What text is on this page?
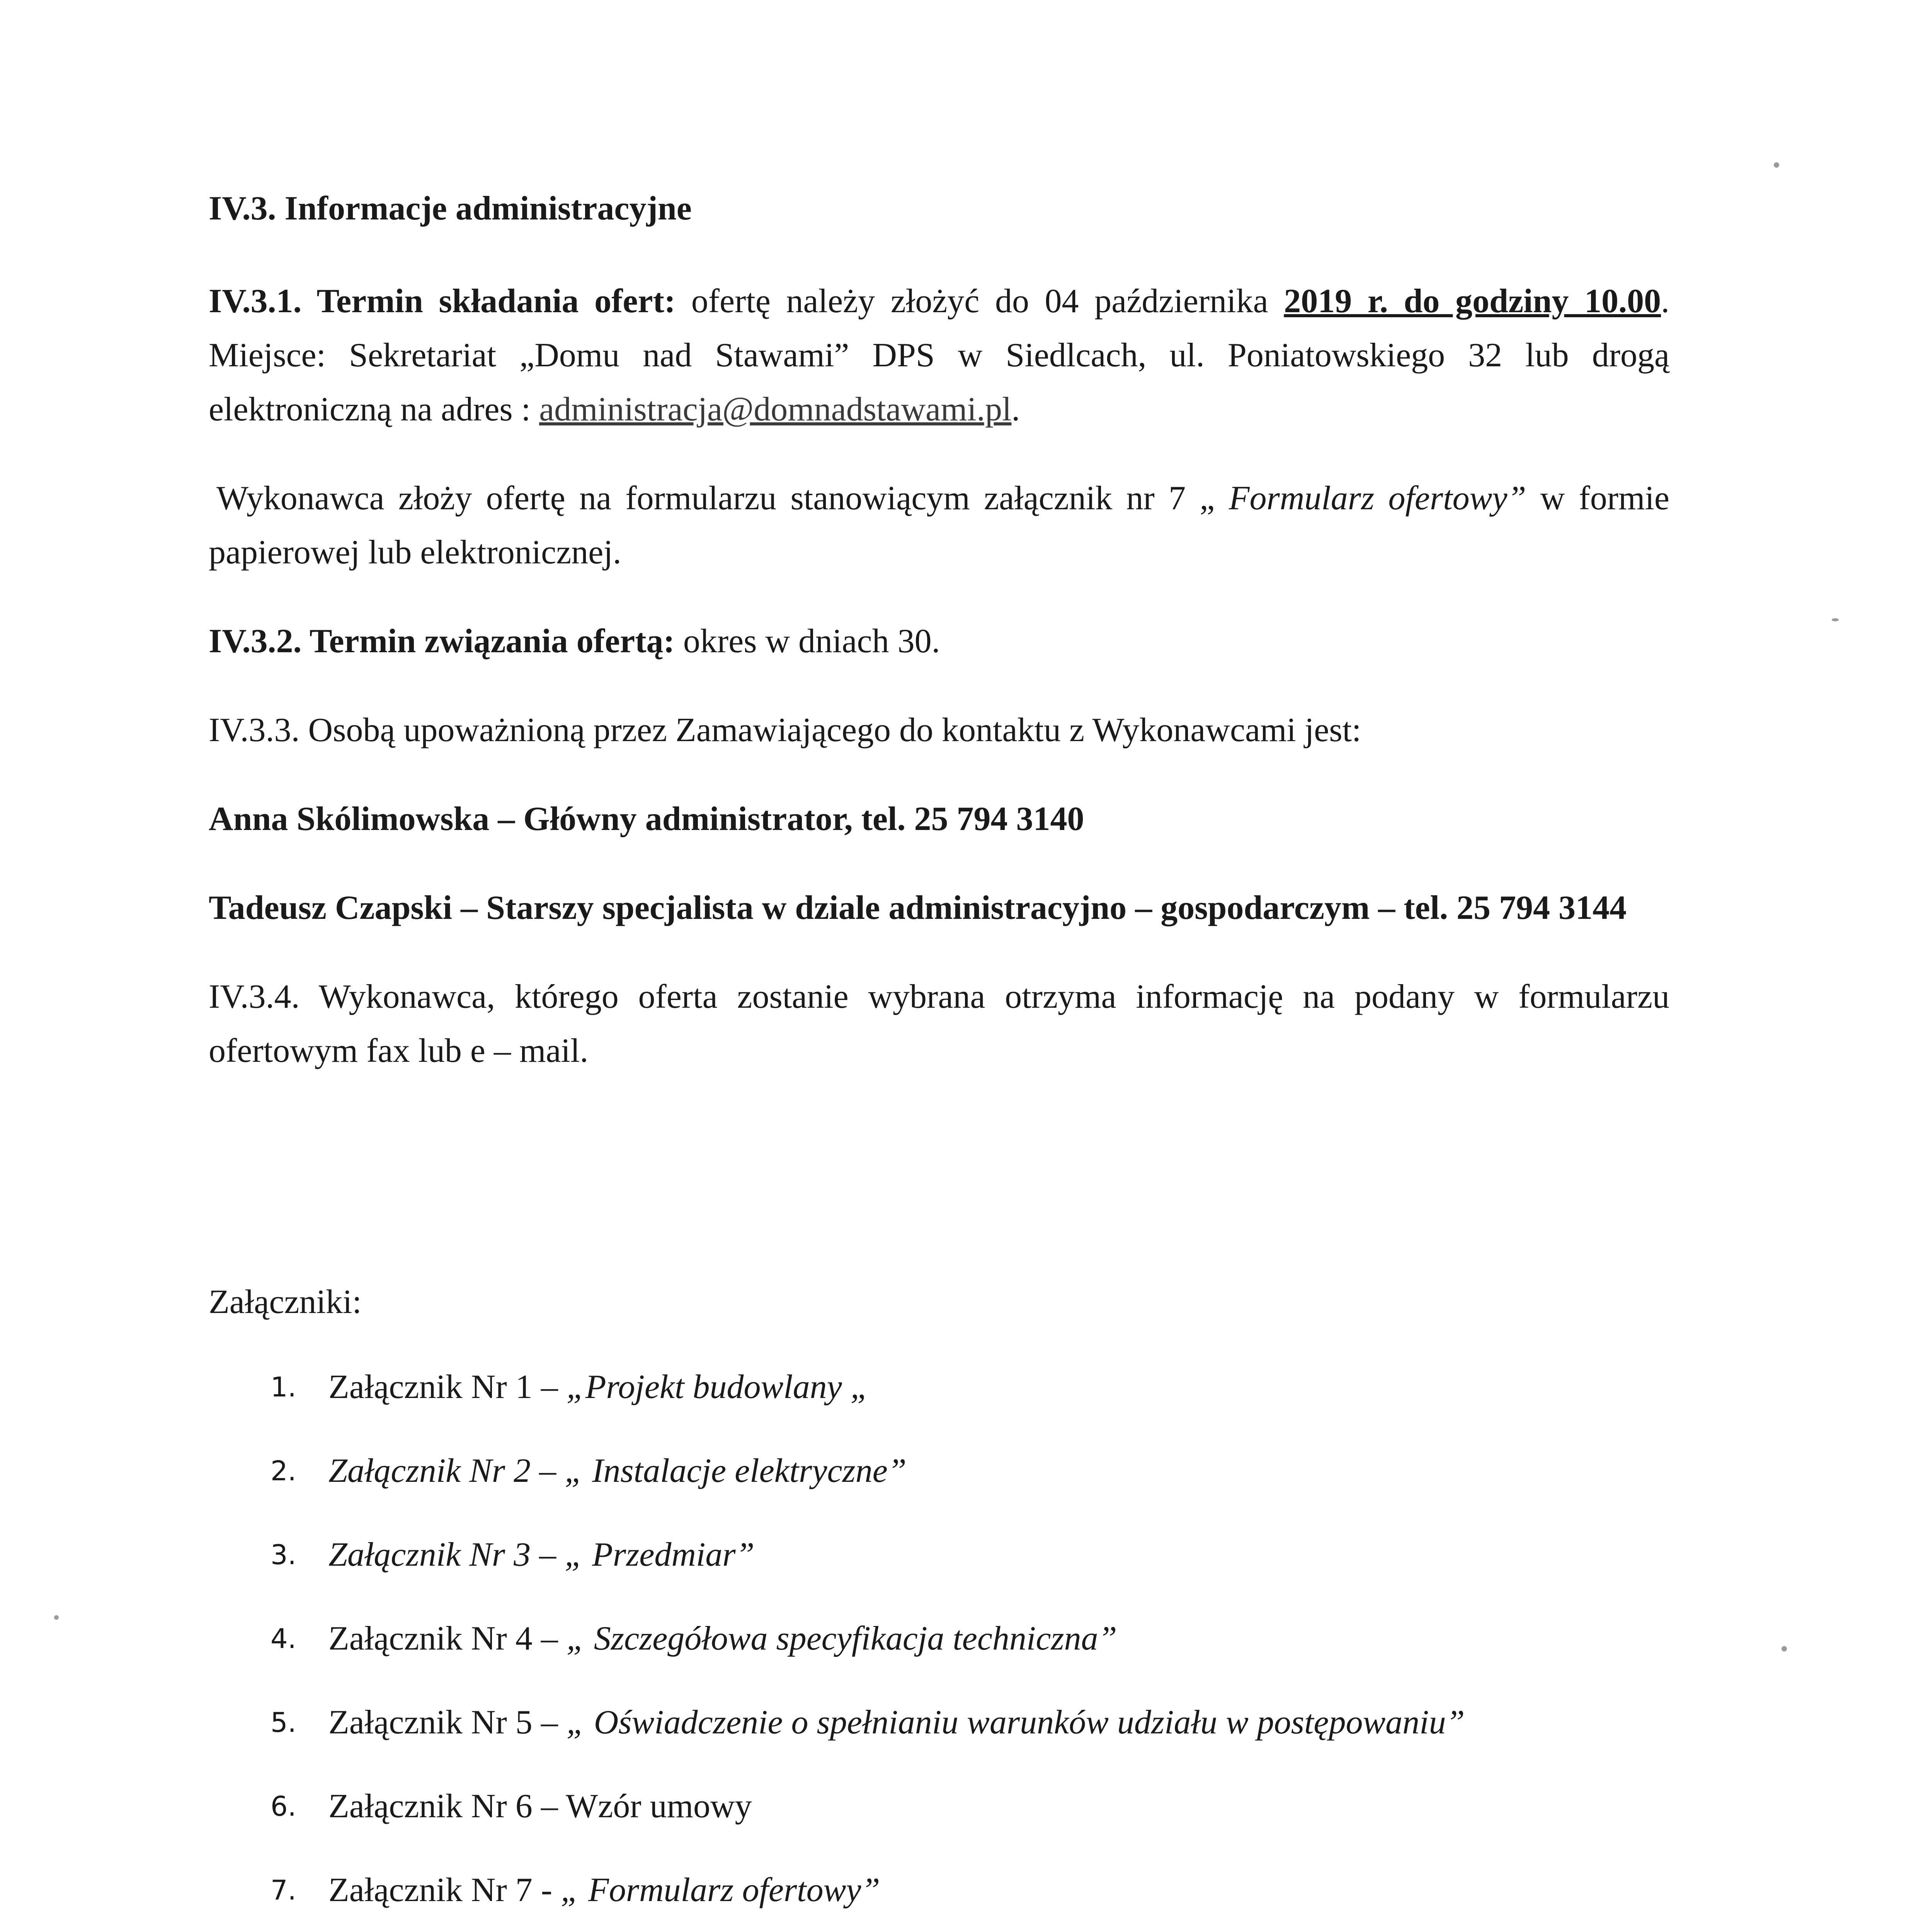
IV.3. Informacje administracyjne

IV.3.1. Termin składania ofert: ofertę należy złożyć do 04 października 2019 r. do godziny 10.00. Miejsce: Sekretariat „Domu nad Stawami” DPS w Siedlcach, ul. Poniatowskiego 32 lub drogą elektroniczną na adres : administracja@domnadstawami.pl.

Wykonawca złoży ofertę na formularzu stanowiącym załącznik nr 7 „ Formularz ofertowy” w formie papierowej lub elektronicznej.

IV.3.2. Termin związania ofertą: okres w dniach 30.

IV.3.3. Osobą upoważnioną przez Zamawiającego do kontaktu z Wykonawcami jest:

Anna Skólimowska – Główny administrator, tel. 25 794 3140

Tadeusz Czapski – Starszy specjalista w dziale administracyjno – gospodarczym – tel. 25 794 3144

IV.3.4. Wykonawca, którego oferta zostanie wybrana otrzyma informację na podany w formularzu ofertowym fax lub e – mail.

Załączniki:
1. Załącznik Nr 1 – „Projekt budowlany „
2. Załącznik Nr 2 – „ Instalacje elektryczne”
3. Załącznik Nr 3 – „ Przedmiar”
4. Załącznik Nr 4 – „ Szczegółowa specyfikacja techniczna”
5. Załącznik Nr 5 – „ Oświadczenie o spełnianiu warunków udziału w postępowaniu”
6. Załącznik Nr 6 – Wzór umowy
7. Załącznik Nr 7 - „ Formularz ofertowy”
